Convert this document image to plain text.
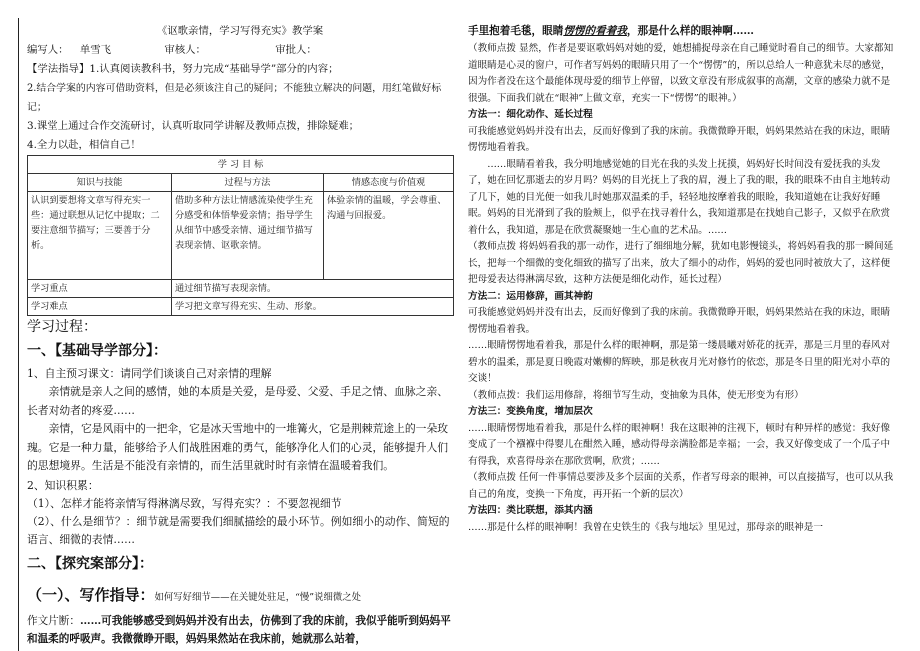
《讴歌亲情，学习写得充实》教学案

编写人： 单雪飞	审核人：	审批人：

【学法指导】1.认真阅读教科书，努力完成“基础导学”部分的内容；

2.结合学案的内容可借助资料，但是必须该注自己的疑问；不能独立解决的问题，用红笔做好标记；

3.课堂上通过合作交流研讨，认真听取同学讲解及教师点拨，排除疑难；

4.全力以赴，相信自己！

学 习 目 标		
知识与技能	过程与方法	情感态度与价值观
认识到要想将文章写得充实一些：通过联想从记忆中提取；二要注意细节描写；三要善于分析。	借助多种方法让情感流染使学生充分感受和体悟挚爱亲情；指导学生从细节中感受亲情、通过细节描写表现亲情、讴歌亲情。	体验亲情的温暖，学会尊重、沟通与回报爱。
学习重点	通过细节描写表现亲情。	
学习难点	学习把文章写得充实、生动、形象。	

学习过程：

一、【基础导学部分】：

1、自主预习课文：请同学们谈谈自己对亲情的理解

亲情就是亲人之间的感情，她的本质是关爱，是母爱、父爱、手足之情、血脉之亲、长者对幼者的疼爱……

亲情，它是风雨中的一把伞，它是冰天雪地中的一堆篝火，它是荆棘荒途上的一朵玫瑰。它是一种力量，能够给予人们战胜困难的勇气，能够净化人们的心灵，能够提升人们的思想境界。生活是不能没有亲情的，而生活里就时时有亲情在温暖着我们。

2、知识积累：

（1）、怎样才能将亲情写得淋漓尽致，写得充实？：不要忽视细节

（2）、什么是细节？：细节就是需要我们细腻描绘的最小环节。例如细小的动作、简短的语言、细微的表情……

二、【探究案部分】：

（一）、写作指导：如何写好细节——在关键处驻足，“慢”说细微之处

作文片断：……可我能够感受到妈妈并没有出去，仿佛到了我的床前，我似乎能听到妈妈平和温柔的呼吸声。我微微睁开眼，妈妈果然站在我床前，她就那么站着，

手里抱着毛毯，眼睛愣愣的看着我，那是什么样的眼神啊……

（教师点拨 显然，作者是要讴歌妈妈对她的爱，她想捕捉母亲在自己睡觉时看自己的细节。大家都知道眼睛是心灵的窗户，可作者写妈妈的眼睛只用了一个“愣愣”的，所以总给人一种意犹未尽的感觉，因为作者没在这个最能体现母爱的细节上停留，以致文章没有形成叙事的高潮，文章的感染力就不是很强。下面我们就在“眼神”上做文章，充实一下“愣愣”的眼神。）

方法一：细化动作、延长过程

可我能感觉妈妈并没有出去，反而好像到了我的床前。我微微睁开眼，妈妈果然站在我的床边，眼睛愣愣地看着我。

……眼睛看着我，我分明地感觉她的目光在我的头发上抚摸，妈妈好长时间没有爱抚我的头发了，她在回忆那逝去的岁月吗？妈妈的目光抚上了我的眉，漫上了我的眼，我的眼珠不由自主地转动了几下，她的目光便一如我儿时她那双温柔的手，轻轻地按摩着我的眼睑，我知道她在让我好好睡眠。妈妈的目光滑到了我的脸颊上，似乎在找寻着什么，我知道那是在找她自己影子，又似乎在欣赏着什么，我知道，那是在欣赏凝聚她一生心血的艺术品。……

（教师点拨 将妈妈看我的那一动作，进行了细细地分解，犹如电影慢镜头，将妈妈看我的那一瞬间延长，把每一个细微的变化细致的描写了出来，放大了细小的动作，妈妈的爱也同时被放大了，这样便把母爱表达得淋漓尽致，这种方法便是细化动作，延长过程）

方法二：运用修辞，画其神韵

可我能感觉妈妈并没有出去，反而好像到了我的床前。我微微睁开眼，妈妈果然站在我的床边，眼睛愣愣地看着我。

……眼睛愣愣地看着我，那是什么样的眼神啊，那是第一缕晨曦对娇花的抚弄，那是三月里的春风对碧水的温柔，那是夏日晚霞对嫩柳的辉映，那是秋夜月光对修竹的依恋，那是冬日里的阳光对小草的交谈！

（教师点拨：我们运用修辞，将细节写生动，变抽象为具体，使无形变为有形）

方法三：变换角度，增加层次

……眼睛愣愣地看着我，那是什么样的眼神啊！我在这眼神的注视下，顿时有种异样的感觉：我好像变成了一个襁褓中得婴儿在酣然入睡，感动得母亲满脸都是幸福；一会，我又好像变成了一个瓜子中有得我，欢喜得母亲在那欣赏啊，欣赏；……

（教师点拨 任何一件事情总要涉及多个层面的关系，作者写母亲的眼神，可以直接描写，也可以从我自己的角度，变换一下角度，再开拓一个新的层次）

方法四：类比联想，添其内涵

……那是什么样的眼神啊！我曾在史铁生的《我与地坛》里见过，那母亲的眼神是一
